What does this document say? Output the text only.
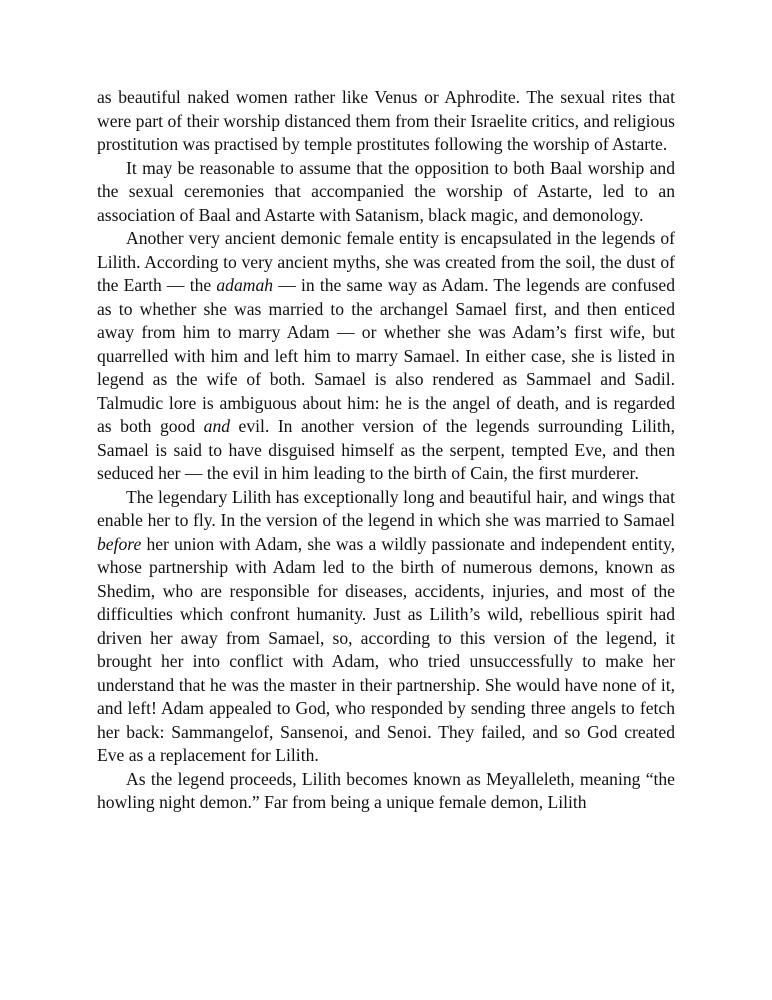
as beautiful naked women rather like Venus or Aphrodite. The sexual rites that were part of their worship distanced them from their Israelite critics, and religious prostitution was practised by temple prostitutes following the worship of Astarte.

It may be reasonable to assume that the opposition to both Baal worship and the sexual ceremonies that accompanied the worship of Astarte, led to an association of Baal and Astarte with Satanism, black magic, and demonology.

Another very ancient demonic female entity is encapsulated in the legends of Lilith. According to very ancient myths, she was created from the soil, the dust of the Earth — the adamah — in the same way as Adam. The legends are confused as to whether she was married to the archangel Samael first, and then enticed away from him to marry Adam — or whether she was Adam’s first wife, but quarrelled with him and left him to marry Samael. In either case, she is listed in legend as the wife of both. Samael is also rendered as Sammael and Sadil. Talmudic lore is ambiguous about him: he is the angel of death, and is regarded as both good and evil. In another version of the legends surrounding Lilith, Samael is said to have disguised himself as the serpent, tempted Eve, and then seduced her — the evil in him leading to the birth of Cain, the first murderer.

The legendary Lilith has exceptionally long and beautiful hair, and wings that enable her to fly. In the version of the legend in which she was married to Samael before her union with Adam, she was a wildly passionate and independent entity, whose partnership with Adam led to the birth of numerous demons, known as Shedim, who are responsible for diseases, accidents, injuries, and most of the difficulties which confront humanity. Just as Lilith’s wild, rebellious spirit had driven her away from Samael, so, according to this version of the legend, it brought her into conflict with Adam, who tried unsuccessfully to make her understand that he was the master in their partnership. She would have none of it, and left! Adam appealed to God, who responded by sending three angels to fetch her back: Sammangelof, Sansenoi, and Senoi. They failed, and so God created Eve as a replacement for Lilith.

As the legend proceeds, Lilith becomes known as Meyalleleth, meaning “the howling night demon.” Far from being a unique female demon, Lilith
